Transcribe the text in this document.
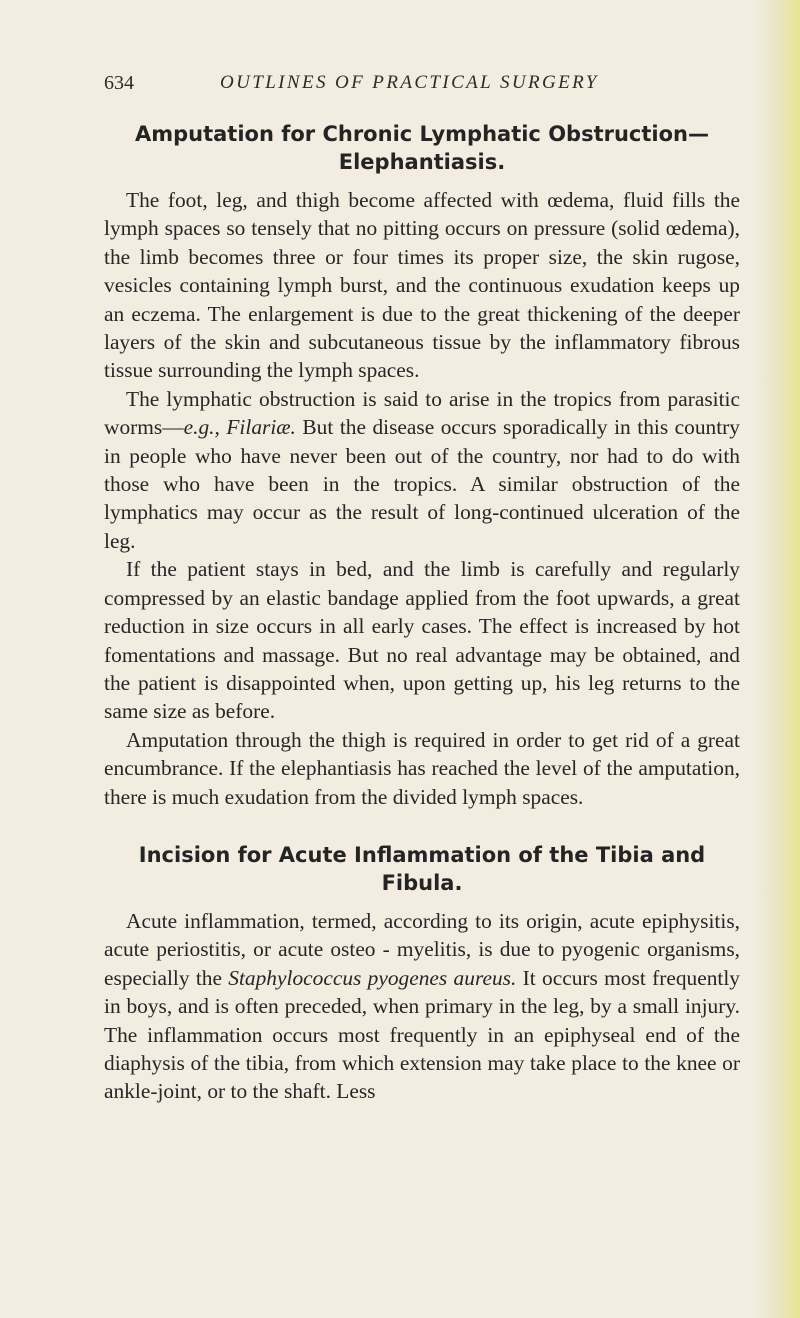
634	OUTLINES OF PRACTICAL SURGERY
Amputation for Chronic Lymphatic Obstruction—Elephantiasis.

The foot, leg, and thigh become affected with œdema, fluid fills the lymph spaces so tensely that no pitting occurs on pressure (solid œdema), the limb becomes three or four times its proper size, the skin rugose, vesicles containing lymph burst, and the continuous exudation keeps up an eczema. The enlargement is due to the great thickening of the deeper layers of the skin and subcutaneous tissue by the inflammatory fibrous tissue surrounding the lymph spaces.

The lymphatic obstruction is said to arise in the tropics from parasitic worms—e.g., Filariæ. But the disease occurs sporadically in this country in people who have never been out of the country, nor had to do with those who have been in the tropics. A similar obstruction of the lymphatics may occur as the result of long-continued ulceration of the leg.

If the patient stays in bed, and the limb is carefully and regularly compressed by an elastic bandage applied from the foot upwards, a great reduction in size occurs in all early cases. The effect is increased by hot fomentations and massage. But no real advantage may be obtained, and the patient is disappointed when, upon getting up, his leg returns to the same size as before.

Amputation through the thigh is required in order to get rid of a great encumbrance. If the elephantiasis has reached the level of the amputation, there is much exudation from the divided lymph spaces.

Incision for Acute Inflammation of the Tibia and Fibula.

Acute inflammation, termed, according to its origin, acute epiphysitis, acute periostitis, or acute osteo - myelitis, is due to pyogenic organisms, especially the Staphylococcus pyogenes aureus. It occurs most frequently in boys, and is often preceded, when primary in the leg, by a small injury. The inflammation occurs most frequently in an epiphyseal end of the diaphysis of the tibia, from which extension may take place to the knee or ankle-joint, or to the shaft. Less
